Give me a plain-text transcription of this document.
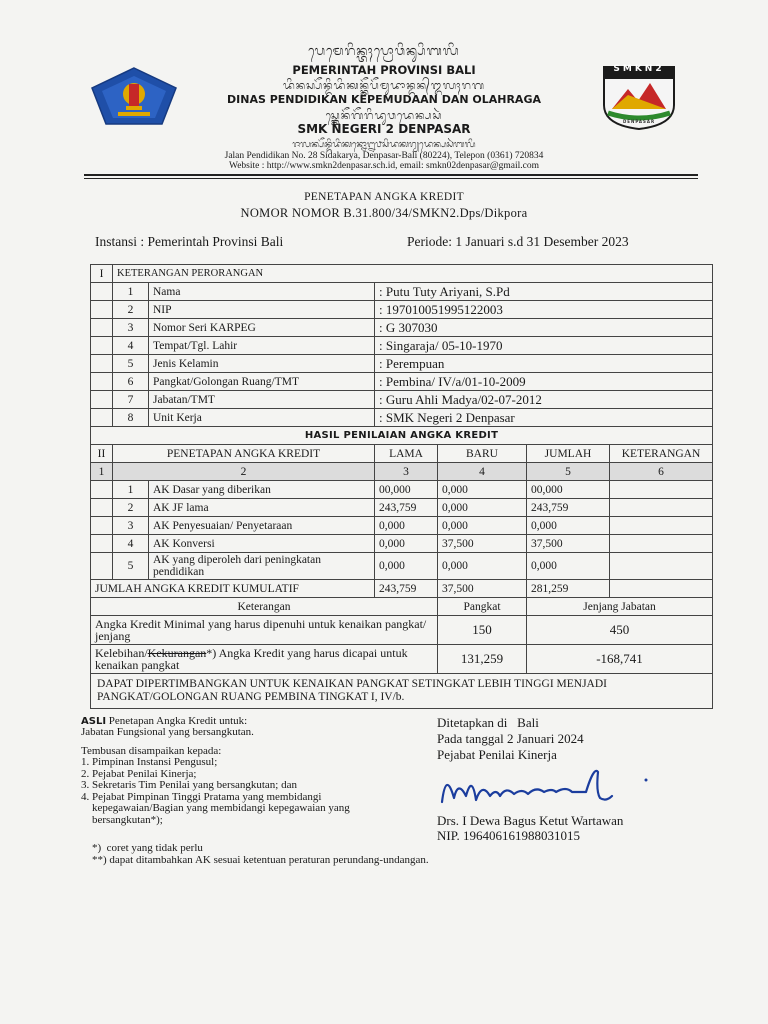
SMKN2
DENPASAR
ᬧᬾᬫᬾᬭᬶᬦ᭄ᬢᬄᬧ᭄ᬭᭀᬯᬶᬦ᭄ᬲᬶᬩᬮᬶ
PEMERINTAH PROVINSI BALI
ᬤᬶᬦᬲ᭄ᬧᭂᬦ᭄ᬤᬶᬤᬶᬓᬦ᭄ᬓᭂᬧᭂᬫᬸᬤᬵᬦ᭄ᬤᬦ᭄ᬑᬮᬄᬭᬕ
DINAS PENDIDIKAN KEPEMUDAAN DAN OLAHRAGA
ᬲ᭄ᬫ᭄ᬓᬾᬦᭂᬕᭂᬭᬶᬤᬸᬯᬤᬾᬦ᭄ᬧᬲᬃ
SMK NEGERI 2 DENPASAR
ᬚᬮᬦ᭄ᬧᭂᬦ᭄ᬤᬶᬤᬶᬓᬦ᭄ᬦᭀ᭒᭘ᬲᬶᬤᬓᬭ᭄ᬬᬤᬾᬦ᭄ᬧᬲᬃᬩᬮᬶ
Jalan Pendidikan No. 28 Sidakarya, Denpasar-Bali (80224), Telepon (0361) 720834
Website : http://www.smkn2denpasar.sch.id, email: smkn02denpasar@gmail.com
PENETAPAN ANGKA KREDIT
NOMOR NOMOR B.31.800/34/SMKN2.Dps/Dikpora
Instansi : Pemerintah Provinsi Bali	Periode: 1 Januari s.d 31 Desember 2023
I	KETERANGAN PERORANGAN					
	1	Nama	: Putu Tuty Ariyani, S.Pd			
	2	NIP	: 197010051995122003			
	3	Nomor Seri KARPEG	: G 307030			
	4	Tempat/Tgl. Lahir	: Singaraja/ 05-10-1970			
	5	Jenis Kelamin	: Perempuan			
	6	Pangkat/Golongan Ruang/TMT	: Pembina/ IV/a/01-10-2009			
	7	Jabatan/TMT	: Guru Ahli Madya/02-07-2012			
	8	Unit Kerja	: SMK Negeri 2 Denpasar			
HASIL PENILAIAN ANGKA KREDIT						
II	PENETAPAN ANGKA KREDIT		LAMA	BARU	JUMLAH	KETERANGAN
1	2		3	4	5	6
	1	AK Dasar yang diberikan	00,000	0,000	00,000	
	2	AK JF lama	243,759	0,000	243,759	
	3	AK Penyesuaian/ Penyetaraan	0,000	0,000	0,000	
	4	AK Konversi	0,000	37,500	37,500	
	5	AK yang diperoleh dari peningkatan pendidikan	0,000	0,000	0,000	
JUMLAH ANGKA KREDIT KUMULATIF			243,759	37,500	281,259	
Keterangan				Pangkat	Jenjang Jabatan	
Angka Kredit Minimal yang harus dipenuhi untuk kenaikan pangkat/ jenjang				150	450	
Kelebihan/Kekurangan*) Angka Kredit yang harus dicapai untuk kenaikan pangkat				131,259	-168,741	
DAPAT DIPERTIMBANGKAN UNTUK KENAIKAN PANGKAT SETINGKAT LEBIH TINGGI MENJADI PANGKAT/GOLONGAN RUANG PEMBINA TINGKAT I, IV/b.						
ASLI Penetapan Angka Kredit untuk:
Jabatan Fungsional yang bersangkutan.
Tembusan disampaikan kepada:
1. Pimpinan Instansi Pengusul;
2. Pejabat Penilai Kinerja;
3. Sekretaris Tim Penilai yang bersangkutan; dan
4. Pejabat Pimpinan Tinggi Pratama yang membidangi
kepegawaian/Bagian yang membidangi kepegawaian yang
bersangkutan*);
*)  coret yang tidak perlu
**) dapat ditambahkan AK sesuai ketentuan peraturan perundang-undangan.
Ditetapkan di   Bali
Pada tanggal 2 Januari 2024
Pejabat Penilai Kinerja
Drs. I Dewa Bagus Ketut Wartawan
NIP. 196406161988031015
